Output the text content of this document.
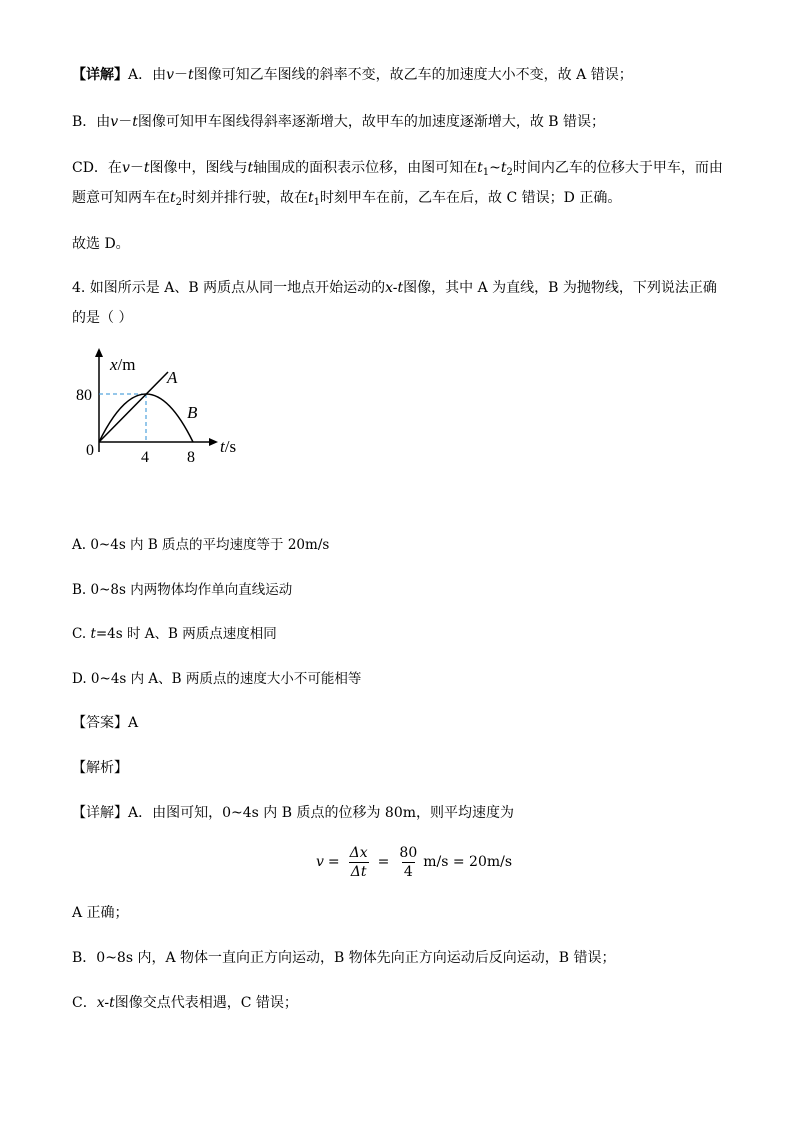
【详解】A．由v－t图像可知乙车图线的斜率不变，故乙车的加速度大小不变，故 A 错误；
B．由v－t图像可知甲车图线得斜率逐渐增大，故甲车的加速度逐渐增大，故 B 错误；
CD．在v－t图像中，图线与t轴围成的面积表示位移，由图可知在$t_1\sim t_2$时间内乙车的位移大于甲车，而由
题意可知两车在$t_2$时刻并排行驶，故在$t_1$时刻甲车在前，乙车在后，故 C 错误；D 正确。
故选 D。
4. 如图所示是 A、B 两质点从同一地点开始运动的x-t图像，其中 A 为直线，B 为抛物线，下列说法正确
的是（ ）
x/m
t/s
80
0	4 8
A
B
A. 0~4s 内 B 质点的平均速度等于 20m/s
B. 0~8s 内两物体均作单向直线运动
C. t=4s 时 A、B 两质点速度相同
D. 0~4s 内 A、B 两质点的速度大小不可能相等
【答案】A
【解析】
【详解】A．由图可知，0~4s 内 B 质点的位移为 80m，则平均速度为
$v = \frac{\Delta x}{\Delta t} = \frac{80}{4} m/s = 20m/s$
A 正确；
B．0~8s 内，A 物体一直向正方向运动，B 物体先向正方向运动后反向运动，B 错误；
C．x-t图像交点代表相遇，C 错误；
